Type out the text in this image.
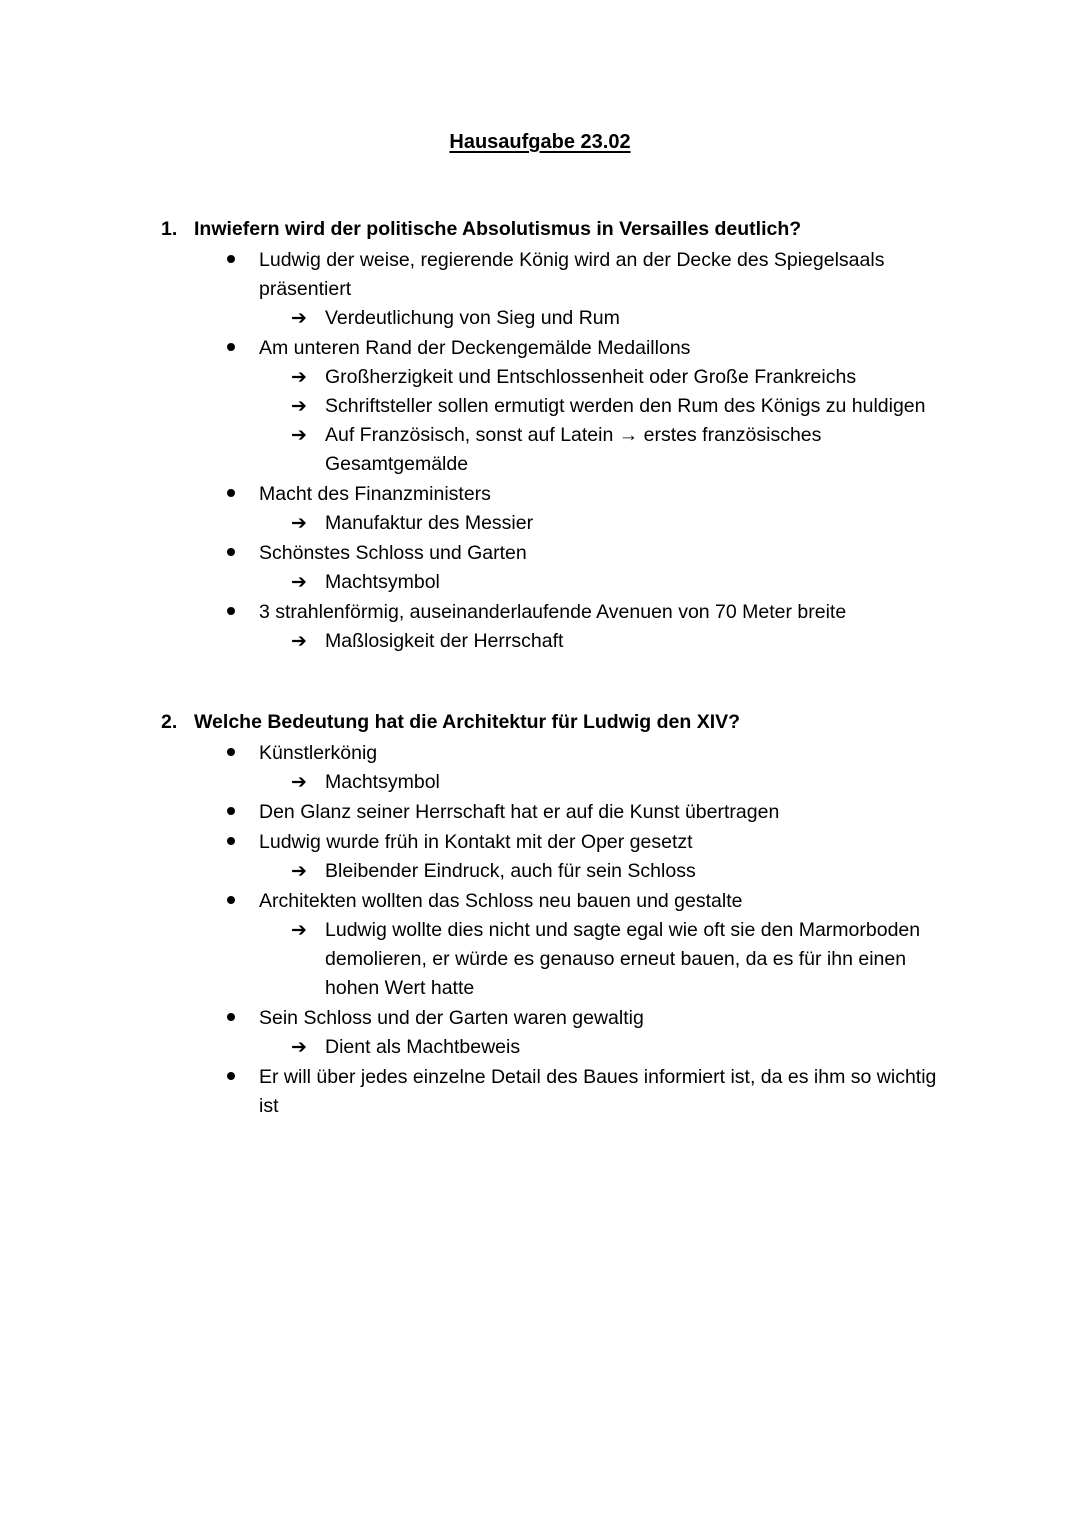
Hausaufgabe 23.02
1. Inwiefern wird der politische Absolutismus in Versailles deutlich?
Ludwig der weise, regierende König wird an der Decke des Spiegelsaals präsentiert
➔ Verdeutlichung von Sieg und Rum
Am unteren Rand der Deckengemälde Medaillons
➔ Großherzigkeit und Entschlossenheit oder Große Frankreichs
➔ Schriftsteller sollen ermutigt werden den Rum des Königs zu huldigen
➔ Auf Französisch, sonst auf Latein → erstes französisches Gesamtgemälde
Macht des Finanzministers
➔ Manufaktur des Messier
Schönstes Schloss und Garten
➔ Machtsymbol
3 strahlenförmig, auseinanderlaufende Avenuen von 70 Meter breite
➔ Maßlosigkeit der Herrschaft
2. Welche Bedeutung hat die Architektur für Ludwig den XIV?
Künstlerkönig
➔ Machtsymbol
Den Glanz seiner Herrschaft hat er auf die Kunst übertragen
Ludwig wurde früh in Kontakt mit der Oper gesetzt
➔ Bleibender Eindruck, auch für sein Schloss
Architekten wollten das Schloss neu bauen und gestalte
➔ Ludwig wollte dies nicht und sagte egal wie oft sie den Marmorboden demolieren, er würde es genauso erneut bauen, da es für ihn einen hohen Wert hatte
Sein Schloss und der Garten waren gewaltig
➔ Dient als Machtbeweis
Er will über jedes einzelne Detail des Baues informiert ist, da es ihm so wichtig ist
